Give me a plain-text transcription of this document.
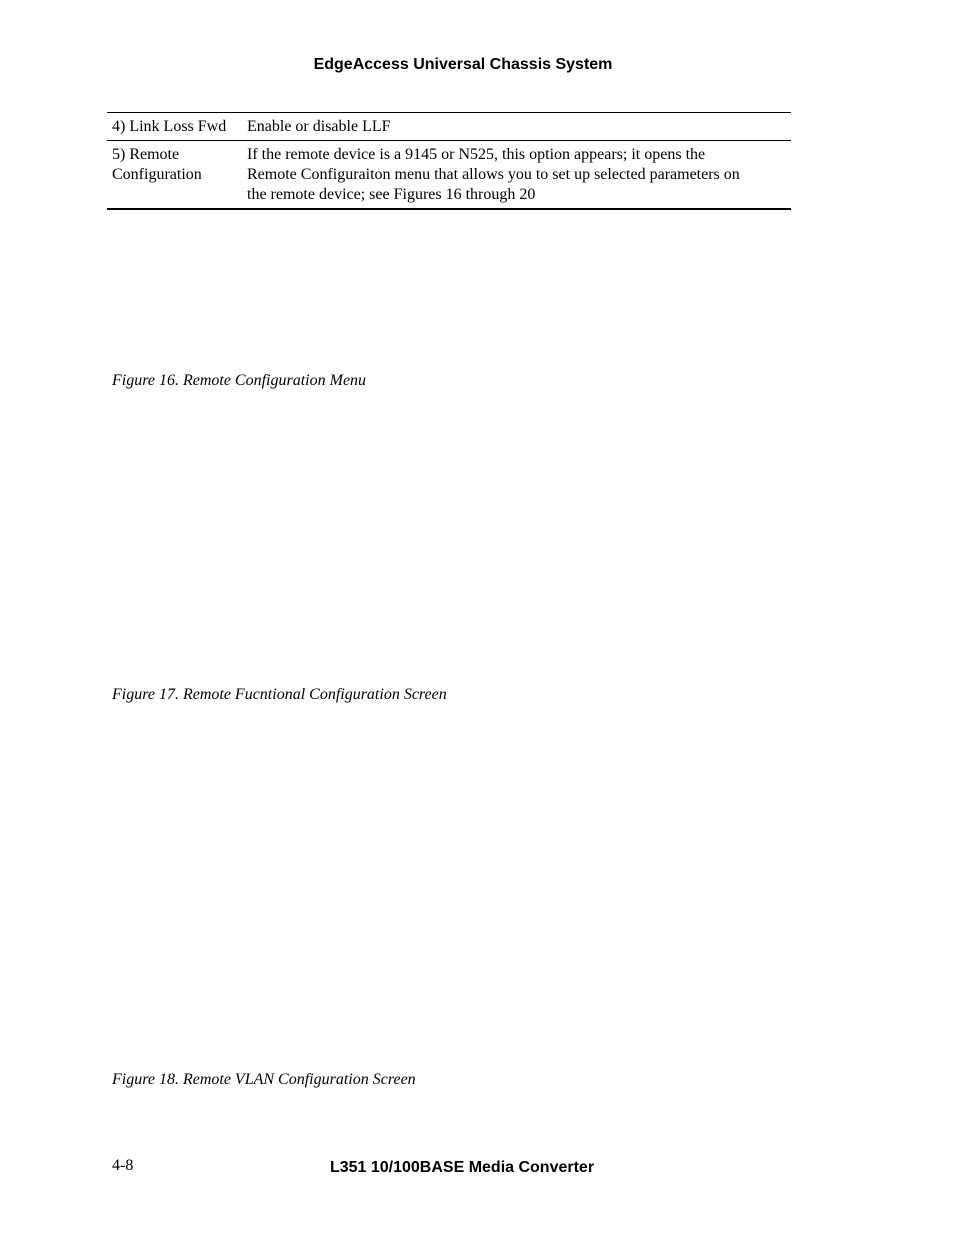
EdgeAccess Universal Chassis System
4) Link Loss Fwd	Enable or disable LLF
5) Remote
Configuration
If the remote device is a 9145 or N525, this option appears; it opens the
Remote Configuraiton menu that allows you to set up selected parameters on
the remote device; see Figures 16 through 20
Figure 16. Remote Configuration Menu
Figure 17. Remote Fucntional Configuration Screen
Figure 18. Remote VLAN Configuration Screen
4-8	L351 10/100BASE Media Converter
